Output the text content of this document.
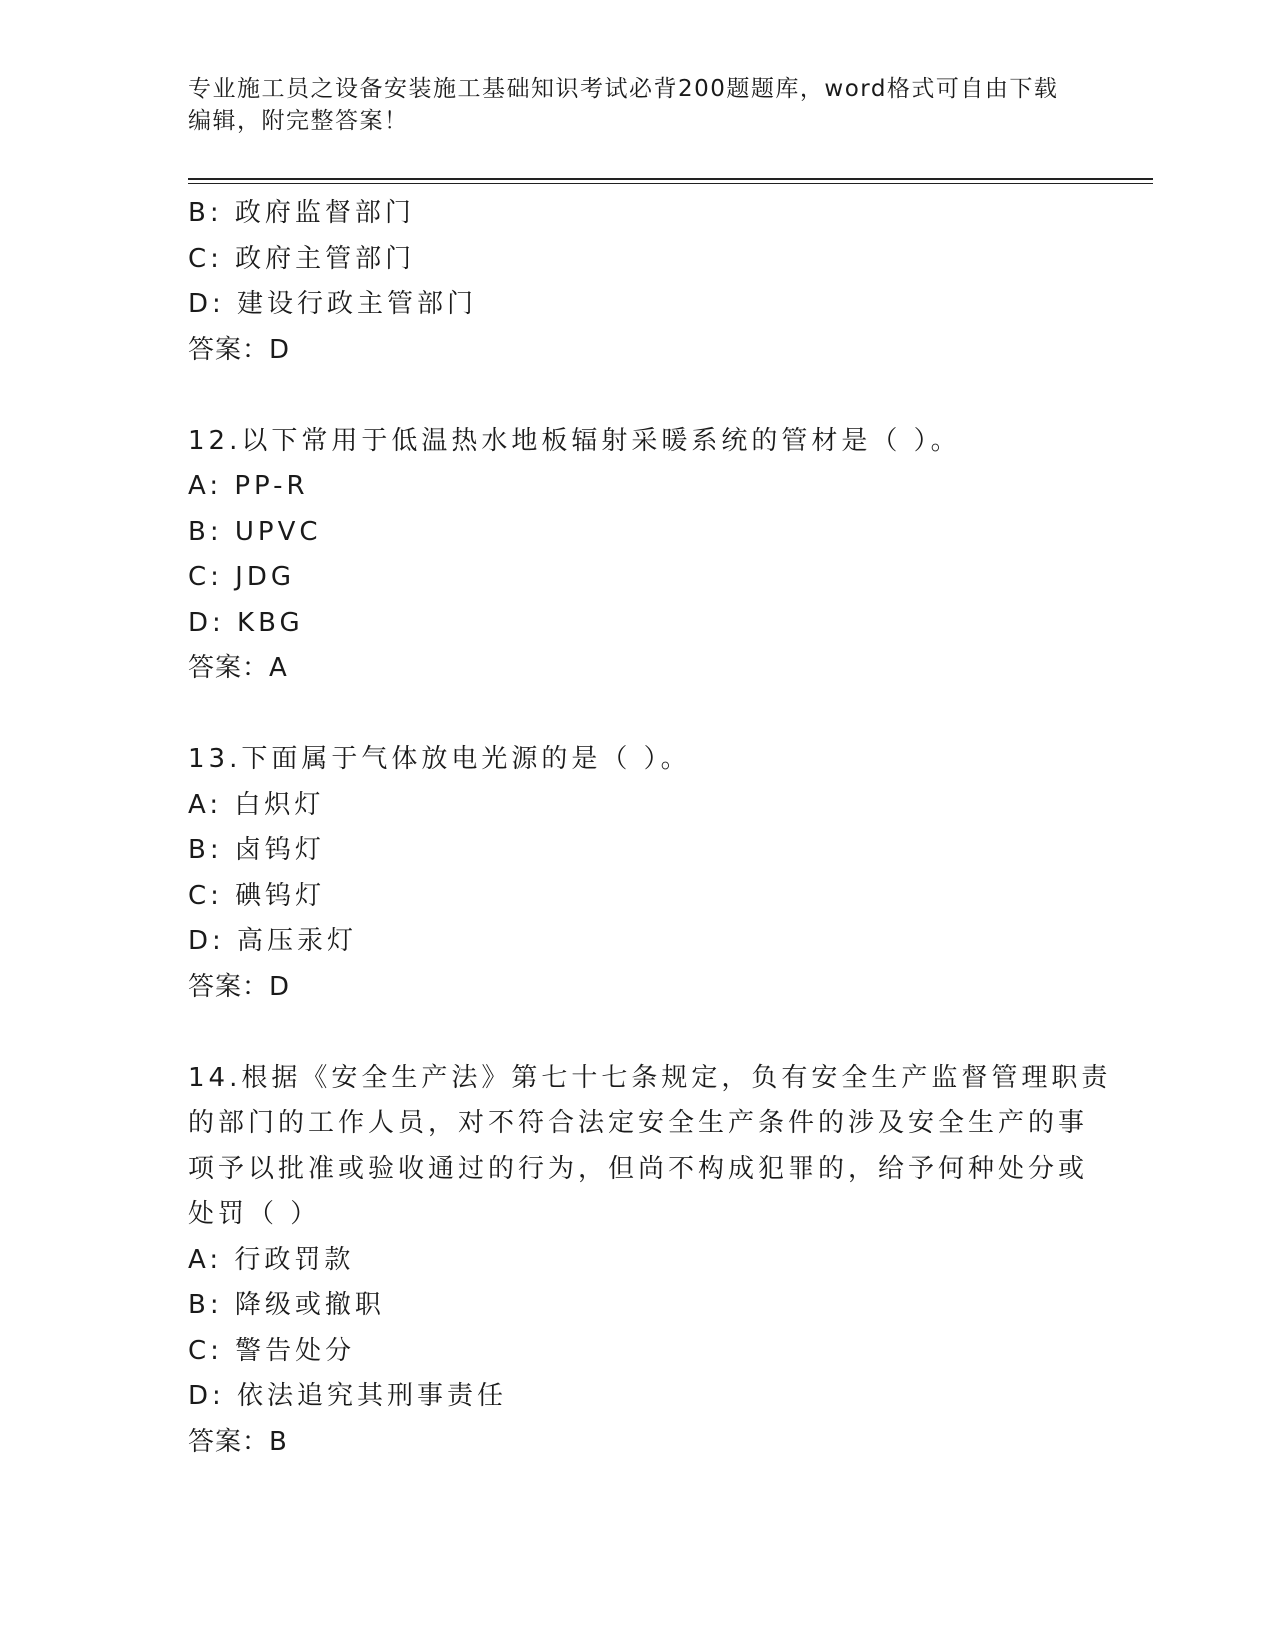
专业施工员之设备安装施工基础知识考试必背200题题库，word格式可自由下载
编辑，附完整答案！
B: 政府监督部门
C: 政府主管部门
D: 建设行政主管部门
答案：D
12.以下常用于低温热水地板辐射采暖系统的管材是（ ）。
A: PP-R
B: UPVC
C: JDG
D: KBG
答案：A
13.下面属于气体放电光源的是（ ）。
A: 白炽灯
B: 卤钨灯
C: 碘钨灯
D: 高压汞灯
答案：D
14.根据《安全生产法》第七十七条规定，负有安全生产监督管理职责
的部门的工作人员，对不符合法定安全生产条件的涉及安全生产的事
项予以批准或验收通过的行为，但尚不构成犯罪的，给予何种处分或
处罚（ ）
A: 行政罚款
B: 降级或撤职
C: 警告处分
D: 依法追究其刑事责任
答案：B
